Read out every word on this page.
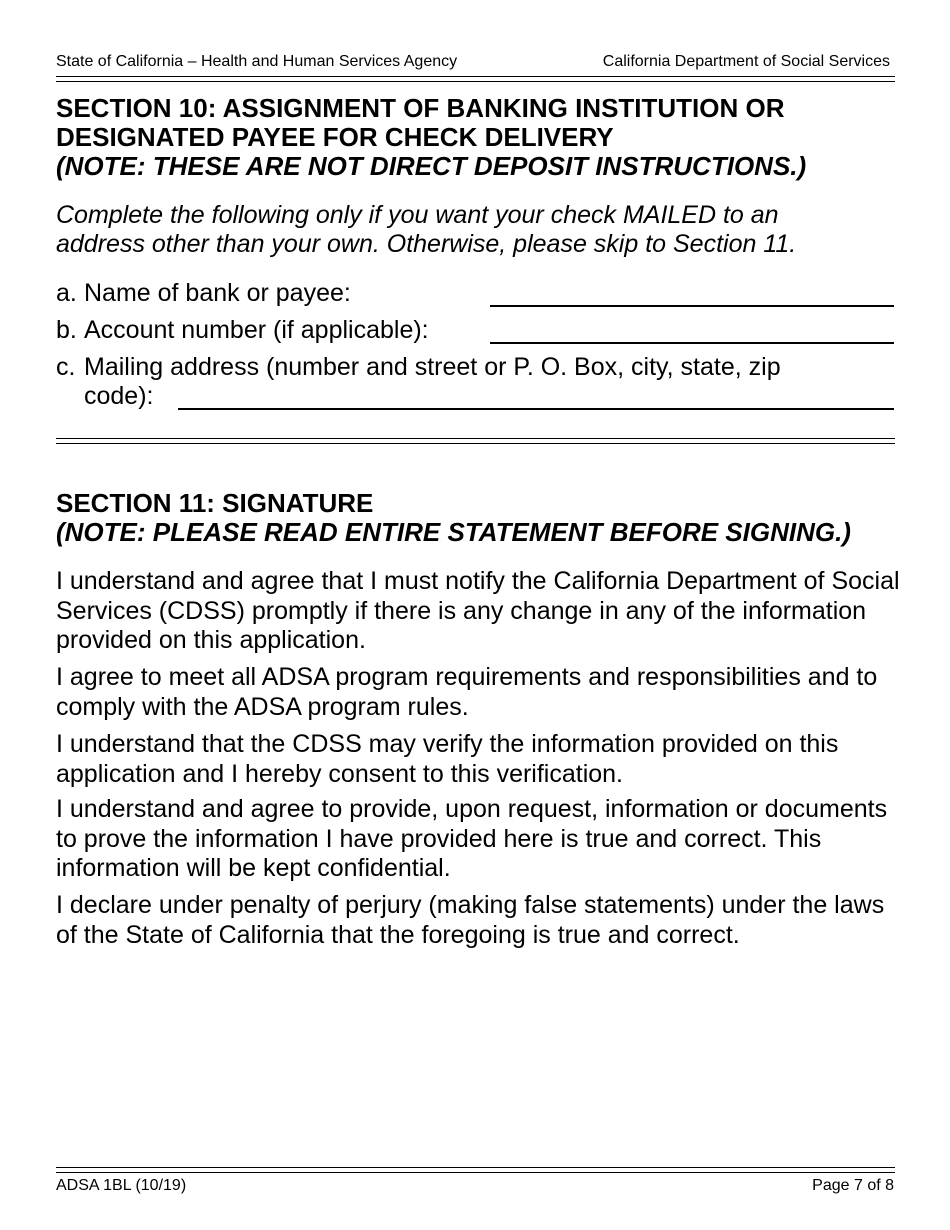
State of California – Health and Human Services Agency	California Department of Social Services
SECTION 10: ASSIGNMENT OF BANKING INSTITUTION OR
DESIGNATED PAYEE FOR CHECK DELIVERY
(NOTE: THESE ARE NOT DIRECT DEPOSIT INSTRUCTIONS.)
Complete the following only if you want your check MAILED to an
address other than your own. Otherwise, please skip to Section 11.
a. Name of bank or payee:
b. Account number (if applicable):
c. Mailing address (number and street or P. O. Box, city, state, zip
code):
SECTION 11: SIGNATURE
(NOTE: PLEASE READ ENTIRE STATEMENT BEFORE SIGNING.)
I understand and agree that I must notify the California Department of Social Services (CDSS) promptly if there is any change in any of the information provided on this application.
I agree to meet all ADSA program requirements and responsibilities and to comply with the ADSA program rules.
I understand that the CDSS may verify the information provided on this application and I hereby consent to this verification.
I understand and agree to provide, upon request, information or documents to prove the information I have provided here is true and correct. This information will be kept confidential.
I declare under penalty of perjury (making false statements) under the laws of the State of California that the foregoing is true and correct.
ADSA 1BL (10/19)	Page 7 of 8
